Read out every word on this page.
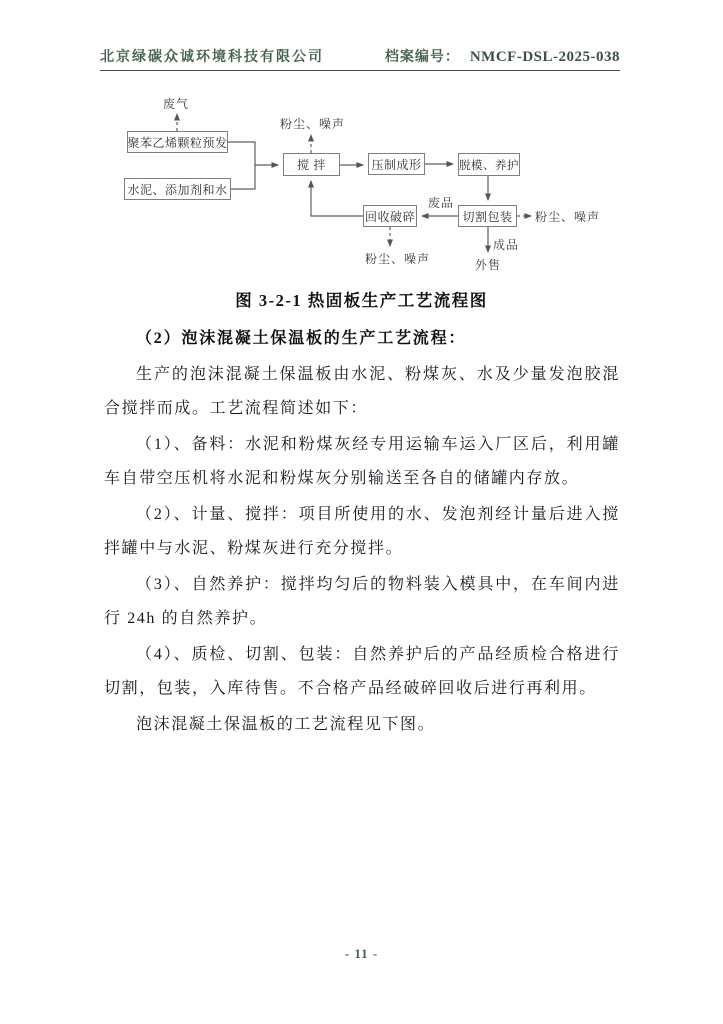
北京绿碳众诚环境科技有限公司	档案编号： NMCF-DSL-2025-038
聚苯乙烯颗粒预发
水泥、添加剂和水
搅 拌	压制成形	脱模、养护
切割包装
回收破碎
废气
粉尘、噪声
粉尘、噪声
粉尘、噪声
废品
成品
外售
图 3-2-1 热固板生产工艺流程图

（2）泡沫混凝土保温板的生产工艺流程：

生产的泡沫混凝土保温板由水泥、粉煤灰、水及少量发泡胶混合搅拌而成。工艺流程简述如下：

（1）、备料：水泥和粉煤灰经专用运输车运入厂区后，利用罐车自带空压机将水泥和粉煤灰分别输送至各自的储罐内存放。

（2）、计量、搅拌：项目所使用的水、发泡剂经计量后进入搅拌罐中与水泥、粉煤灰进行充分搅拌。

（3）、自然养护：搅拌均匀后的物料装入模具中，在车间内进行 24h 的自然养护。

（4）、质检、切割、包装：自然养护后的产品经质检合格进行切割，包装，入库待售。不合格产品经破碎回收后进行再利用。

泡沫混凝土保温板的工艺流程见下图。

- 11 -
